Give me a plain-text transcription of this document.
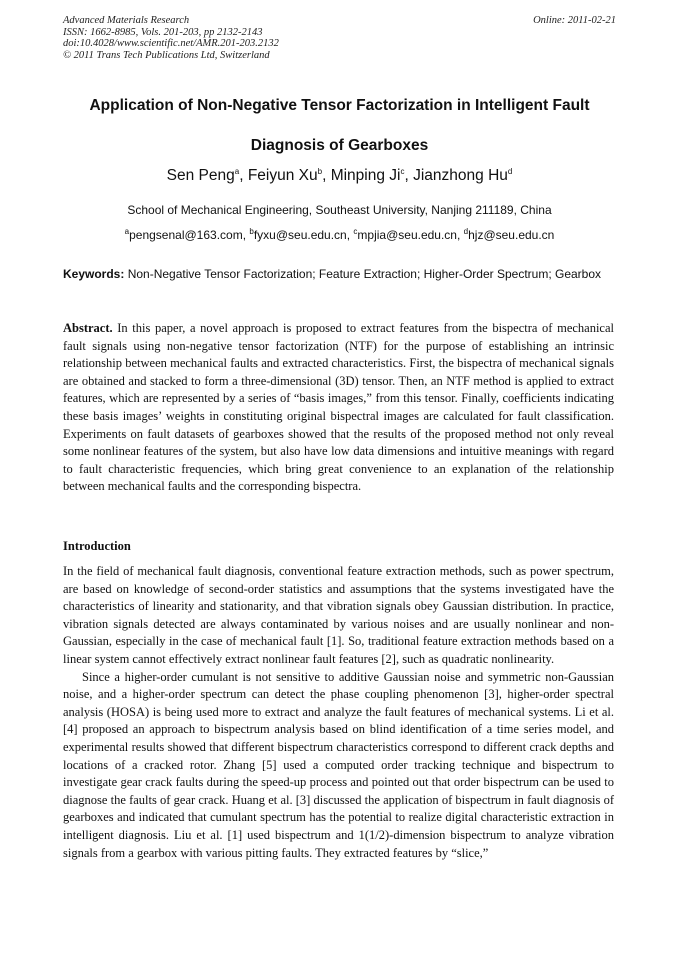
Advanced Materials Research
ISSN: 1662-8985, Vols. 201-203, pp 2132-2143
doi:10.4028/www.scientific.net/AMR.201-203.2132
© 2011 Trans Tech Publications Ltd, Switzerland
Online: 2011-02-21
Application of Non-Negative Tensor Factorization in Intelligent Fault Diagnosis of Gearboxes
Sen Peng$^a$, Feiyun Xu$^b$, Minping Ji$^c$, Jianzhong Hu$^d$
School of Mechanical Engineering, Southeast University, Nanjing 211189, China
$^a$pengsenal@163.com, $^b$fyxu@seu.edu.cn, $^c$mpjia@seu.edu.cn, $^d$hjz@seu.edu.cn
Keywords: Non-Negative Tensor Factorization; Feature Extraction; Higher-Order Spectrum; Gearbox
Abstract. In this paper, a novel approach is proposed to extract features from the bispectra of mechanical fault signals using non-negative tensor factorization (NTF) for the purpose of establishing an intrinsic relationship between mechanical faults and extracted characteristics. First, the bispectra of mechanical signals are obtained and stacked to form a three-dimensional (3D) tensor. Then, an NTF method is applied to extract features, which are represented by a series of “basis images,” from this tensor. Finally, coefficients indicating these basis images’ weights in constituting original bispectral images are calculated for fault classification. Experiments on fault datasets of gearboxes showed that the results of the proposed method not only reveal some nonlinear features of the system, but also have low data dimensions and intuitive meanings with regard to fault characteristic frequencies, which bring great convenience to an explanation of the relationship between mechanical faults and the corresponding bispectra.
Introduction

In the field of mechanical fault diagnosis, conventional feature extraction methods, such as power spectrum, are based on knowledge of second-order statistics and assumptions that the systems investigated have the characteristics of linearity and stationarity, and that vibration signals obey Gaussian distribution. In practice, vibration signals detected are always contaminated by various noises and are usually nonlinear and non-Gaussian, especially in the case of mechanical fault [1]. So, traditional feature extraction methods based on a linear system cannot effectively extract nonlinear fault features [2], such as quadratic nonlinearity.

Since a higher-order cumulant is not sensitive to additive Gaussian noise and symmetric non-Gaussian noise, and a higher-order spectrum can detect the phase coupling phenomenon [3], higher-order spectral analysis (HOSA) is being used more to extract and analyze the fault features of mechanical systems. Li et al. [4] proposed an approach to bispectrum analysis based on blind identification of a time series model, and experimental results showed that different bispectrum characteristics correspond to different crack depths and locations of a cracked rotor. Zhang [5] used a computed order tracking technique and bispectrum to investigate gear crack faults during the speed-up process and pointed out that order bispectrum can be used to diagnose the faults of gear crack. Huang et al. [3] discussed the application of bispectrum in fault diagnosis of gearboxes and indicated that cumulant spectrum has the potential to realize digital characteristic extraction in intelligent diagnosis. Liu et al. [1] used bispectrum and 1(1/2)-dimension bispectrum to analyze vibration signals from a gearbox with various pitting faults. They extracted features by “slice,”
